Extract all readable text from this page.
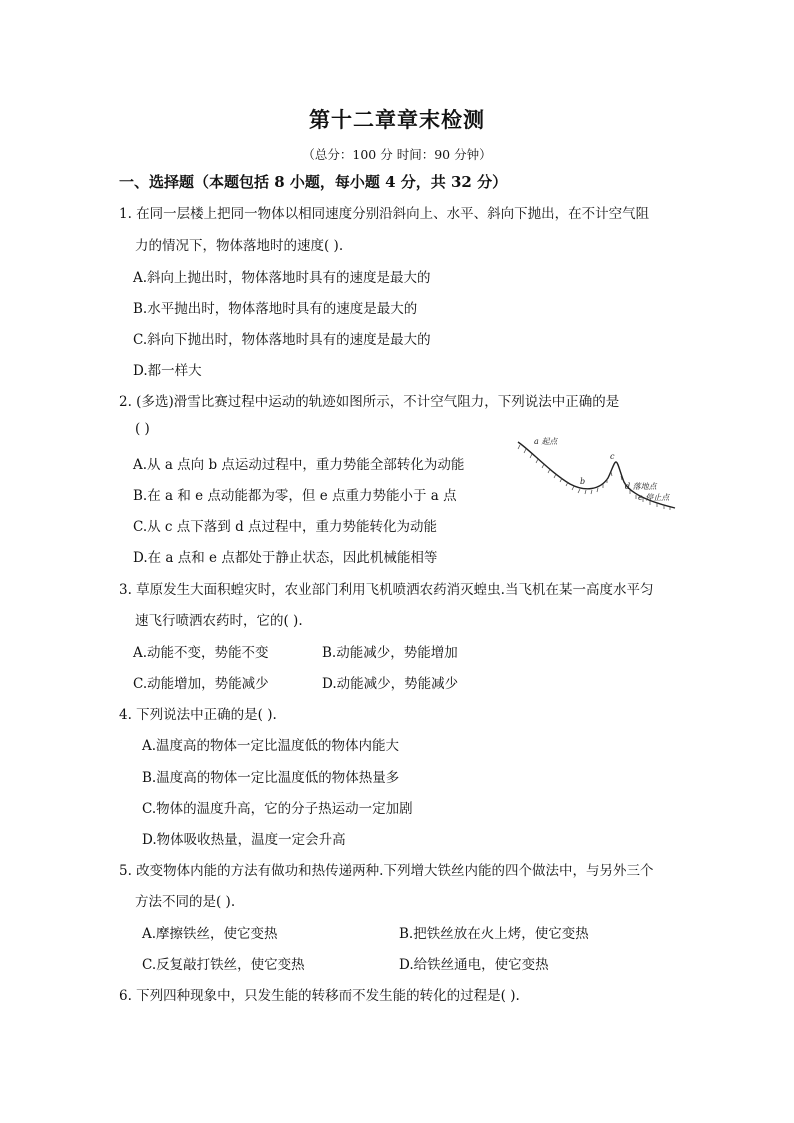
第十二章章末检测
（总分：100 分 时间：90 分钟）
一、选择题（本题包括 8 小题，每小题 4 分，共 32 分）
1. 在同一层楼上把同一物体以相同速度分别沿斜向上、水平、斜向下抛出，在不计空气阻
力的情况下，物体落地时的速度( ).
A.斜向上抛出时，物体落地时具有的速度是最大的
B.水平抛出时，物体落地时具有的速度是最大的
C.斜向下抛出时，物体落地时具有的速度是最大的
D.都一样大
2. (多选)滑雪比赛过程中运动的轨迹如图所示，不计空气阻力，下列说法中正确的是
( )
A.从 a 点向 b 点运动过程中，重力势能全部转化为动能
B.在 a 和 e 点动能都为零，但 e 点重力势能小于 a 点
C.从 c 点下落到 d 点过程中，重力势能转化为动能
D.在 a 点和 e 点都处于静止状态，因此机械能相等
a 起点
b
c
d 落地点
e 停止点
3. 草原发生大面积蝗灾时，农业部门利用飞机喷洒农药消灭蝗虫.当飞机在某一高度水平匀
速飞行喷洒农药时，它的( ).
A.动能不变，势能不变	B.动能减少，势能增加
C.动能增加，势能减少	D.动能减少，势能减少
4. 下列说法中正确的是( ).
A.温度高的物体一定比温度低的物体内能大
B.温度高的物体一定比温度低的物体热量多
C.物体的温度升高，它的分子热运动一定加剧
D.物体吸收热量，温度一定会升高
5. 改变物体内能的方法有做功和热传递两种.下列增大铁丝内能的四个做法中，与另外三个
方法不同的是( ).
A.摩擦铁丝，使它变热	B.把铁丝放在火上烤，使它变热
C.反复敲打铁丝，使它变热	D.给铁丝通电，使它变热
6. 下列四种现象中，只发生能的转移而不发生能的转化的过程是( ).
